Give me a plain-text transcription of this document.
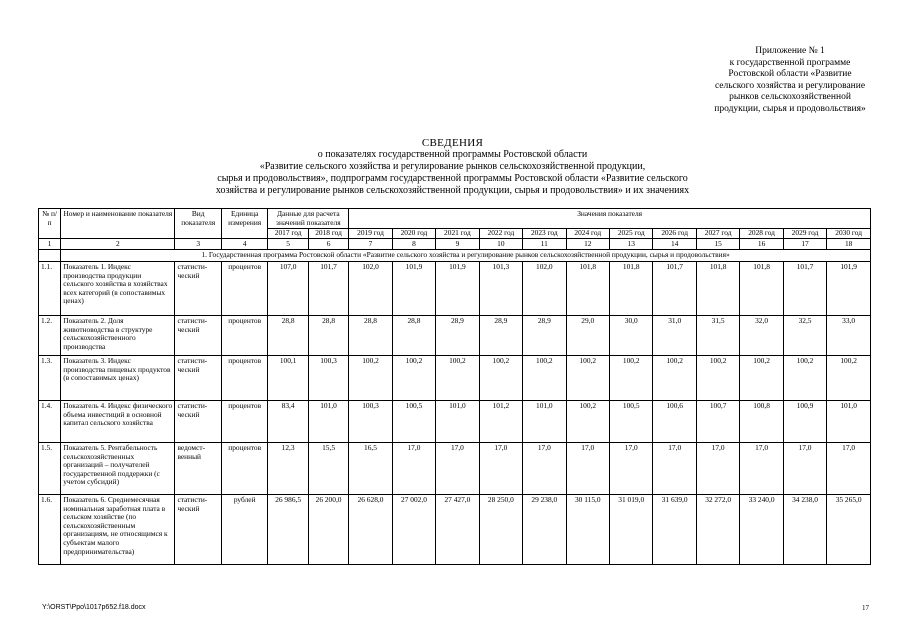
Приложение № 1
к государственной программе
Ростовской области «Развитие
сельского хозяйства и регулирование
рынков сельскохозяйственной
продукции, сырья и продовольствия»
СВЕДЕНИЯ
о показателях государственной программы Ростовской области
«Развитие сельского хозяйства и регулирование рынков сельскохозяйственной продукции,
сырья и продовольствия», подпрограмм государственной программы Ростовской области «Развитие сельского
хозяйства и регулирование рынков сельскохозяйственной продукции, сырья и продовольствия» и их значениях
№ п/п	Номер и наименование показателя	Вид показателя	Единица измерения	Данные для расчета значений показателя		Значения показателя											
				2017 год	2018 год	2019 год	2020 год	2021 год	2022 год	2023 год	2024 год	2025 год	2026 год	2027 год	2028 год	2029 год	2030 год
1	2	3	4	5	6	7	8	9	10	11	12	13	14	15	16	17	18
	1. Государственная программа Ростовской области «Развитие сельского хозяйства и регулирование рынков сельскохозяйственной продукции, сырья и продовольствия»																
1.1.	Показатель 1. Индекс производства продукции сельского хозяйства в хозяйствах всех категорий (в сопоставимых ценах)	статисти-ческий	процентов	107,0	101,7	102,0	101,9	101,9	101,3	102,0	101,8	101,8	101,7	101,8	101,8	101,7	101,9
1.2.	Показатель 2. Доля животноводства в структуре сельскохозяйственного производства	статисти-ческий	процентов	28,8	28,8	28,8	28,8	28,9	28,9	28,9	29,0	30,0	31,0	31,5	32,0	32,5	33,0
1.3.	Показатель 3. Индекс производства пищевых продуктов (в сопоставимых ценах)	статисти-ческий	процентов	100,1	100,3	100,2	100,2	100,2	100,2	100,2	100,2	100,2	100,2	100,2	100,2	100,2	100,2
1.4.	Показатель 4. Индекс физического объема инвестиций в основной капитал сельского хозяйства	статисти-ческий	процентов	83,4	101,0	100,3	100,5	101,0	101,2	101,0	100,2	100,5	100,6	100,7	100,8	100,9	101,0
1.5.	Показатель 5. Рентабельность сельскохозяйственных организаций – получателей государственной поддержки (с учетом субсидий)	ведомст-венный	процентов	12,3	15,5	16,5	17,0	17,0	17,0	17,0	17,0	17,0	17,0	17,0	17,0	17,0	17,0
1.6.	Показатель 6. Среднемесячная номинальная заработная плата в сельском хозяйстве (по сельскохозяйственным организациям, не относящимся к субъектам малого предпринимательства)	статисти-ческий	рублей	26 986,5	26 200,0	26 628,0	27 002,0	27 427,0	28 250,0	29 238,0	30 115,0	31 019,0	31 639,0	32 272,0	33 240,0	34 238,0	35 265,0
Y:\ORST\Ppo\1017p652.f18.docx	17
